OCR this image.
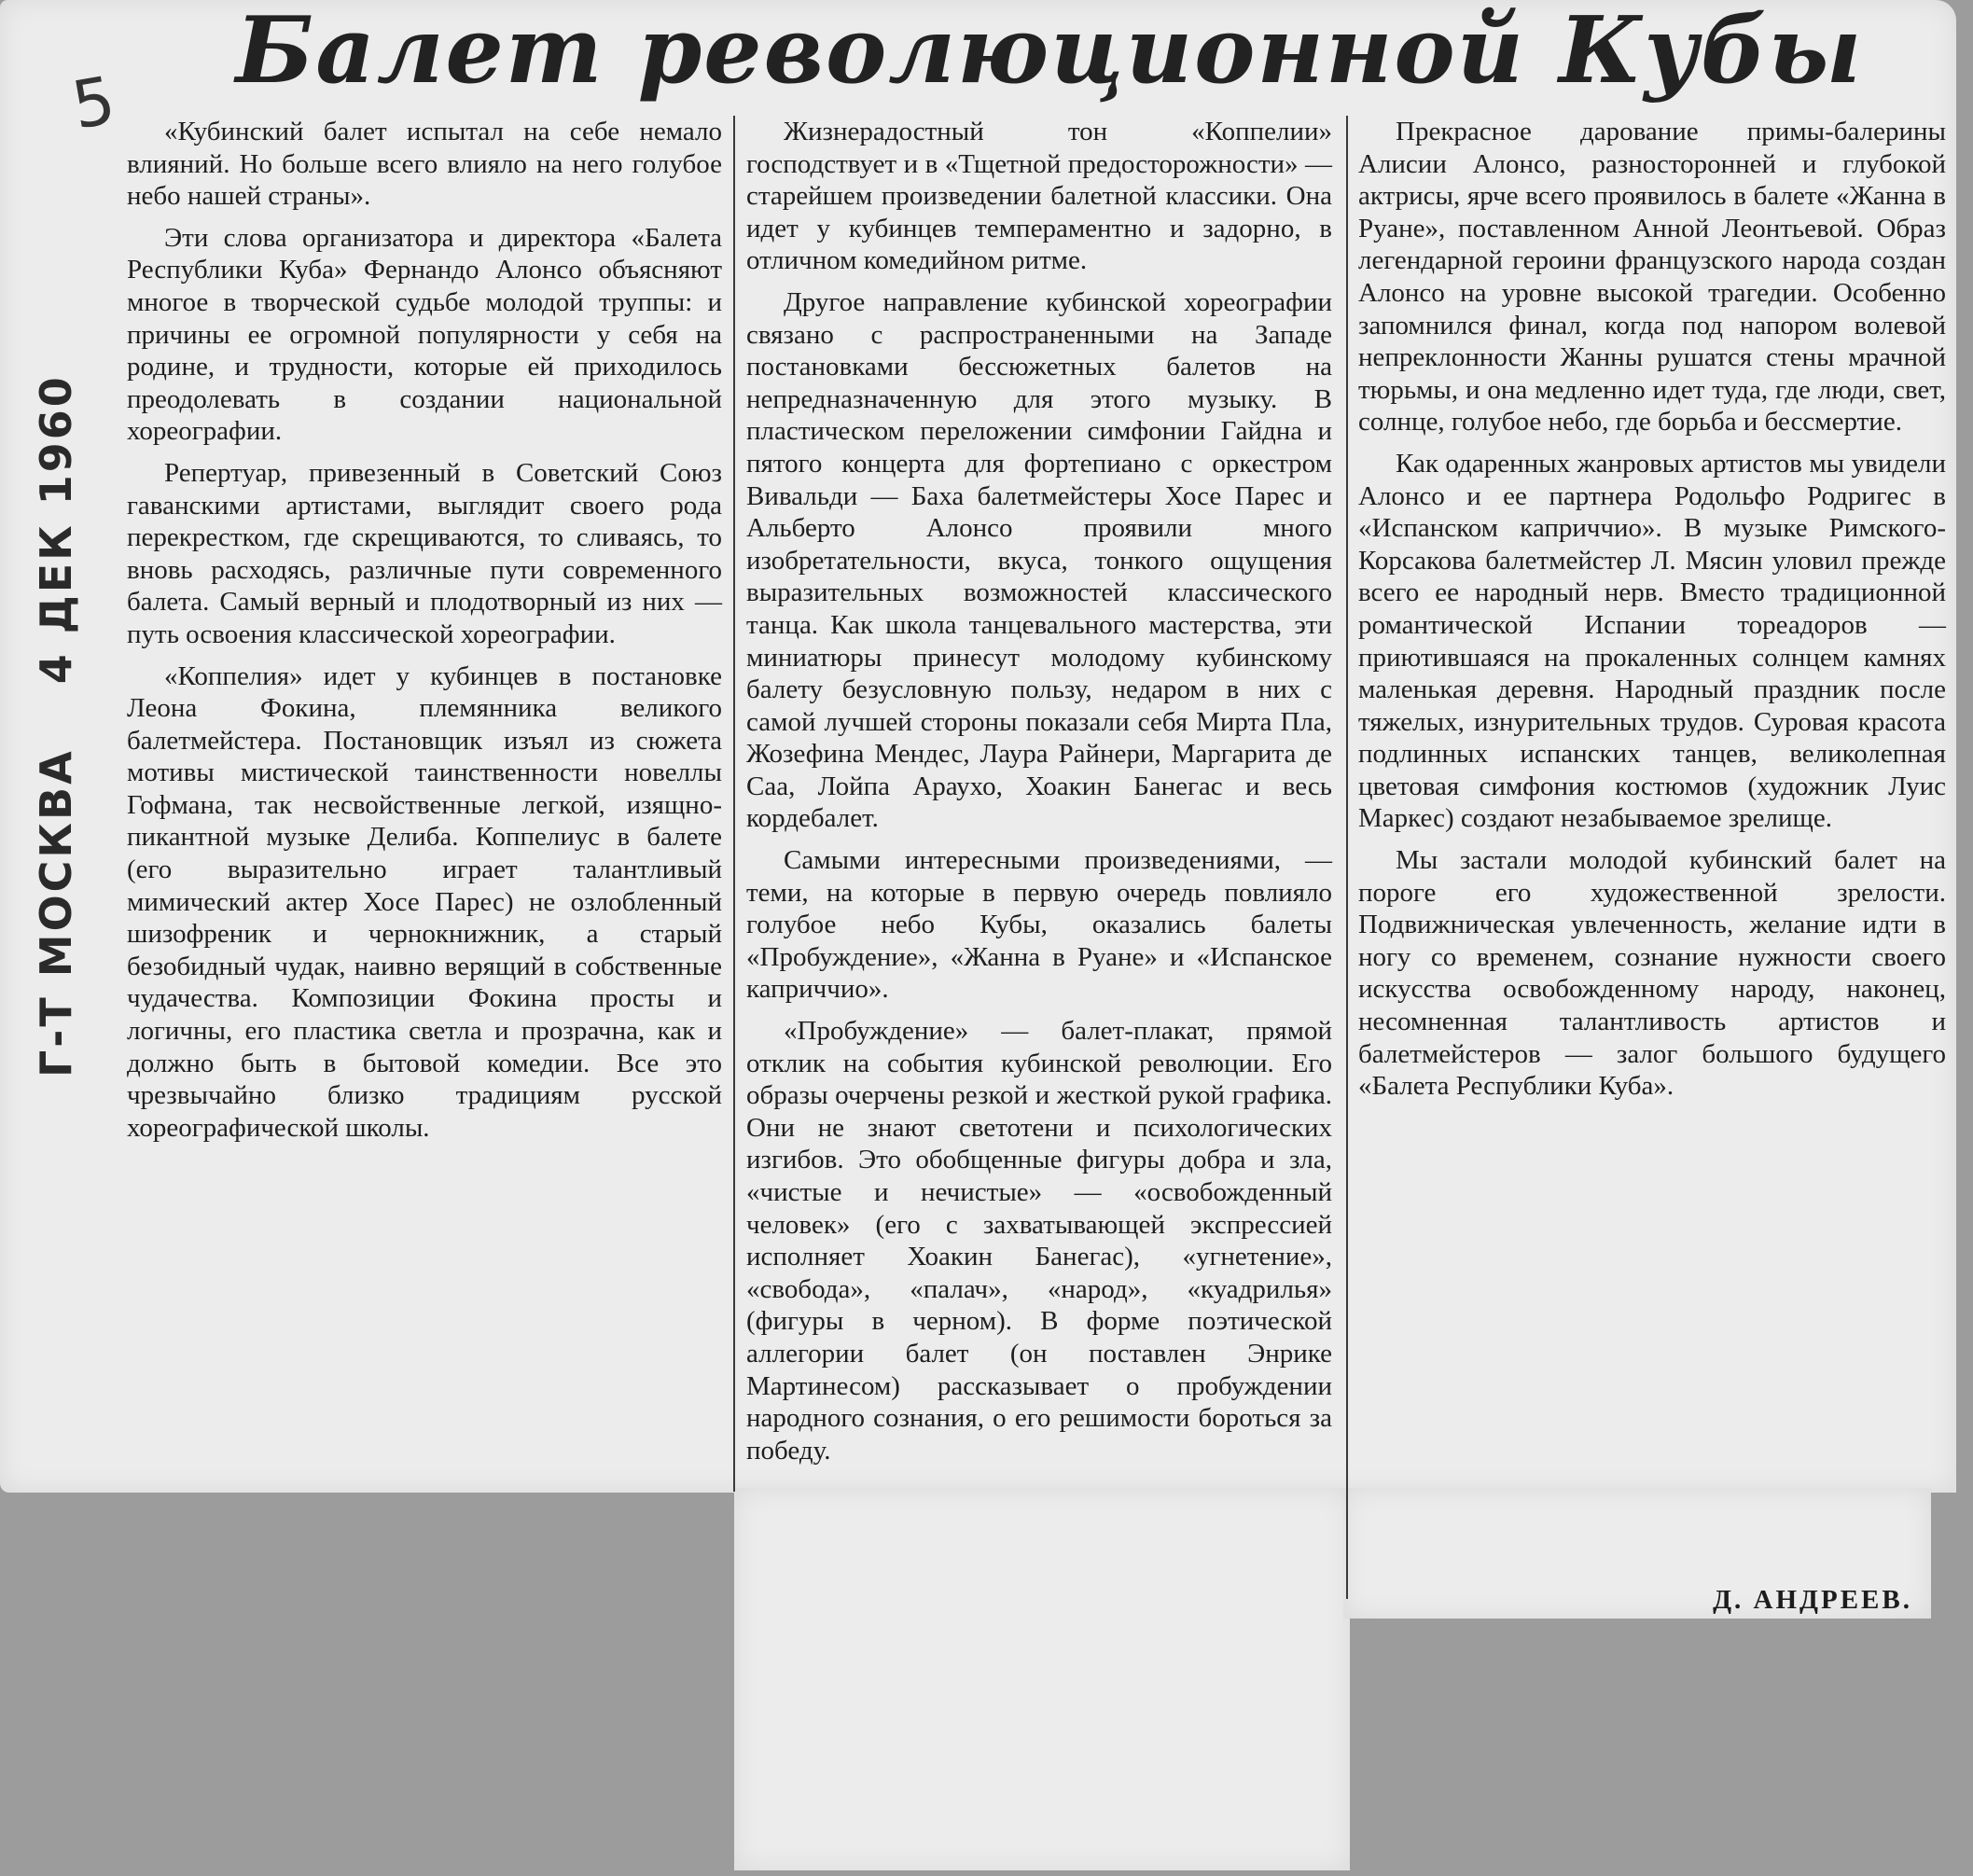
5 Балет революционной Кубы
Г-Т МОСКВА 4 ДЕК 1960

«Кубинский балет испытал на себе немало влияний. Но больше всего влияло на него голубое небо нашей страны».

Эти слова организатора и директора «Балета Республики Куба» Фернандо Алонсо объясняют многое в творческой судьбе молодой труппы: и причины ее огромной популярности у себя на родине, и трудности, которые ей приходилось преодолевать в создании национальной хореографии.

Репертуар, привезенный в Советский Союз гаванскими артистами, выглядит своего рода перекрестком, где скрещиваются, то сливаясь, то вновь расходясь, различные пути современного балета. Самый верный и плодотворный из них — путь освоения классической хореографии.

«Коппелия» идет у кубинцев в постановке Леона Фокина, племянника великого балетмейстера. Постановщик изъял из сюжета мотивы мистической таинственности новеллы Гофмана, так несвойственные легкой, изящно-пикантной музыке Делиба. Коппелиус в балете (его выразительно играет талантливый мимический актер Хосе Парес) не озлобленный шизофреник и чернокнижник, а старый безобидный чудак, наивно верящий в собственные чудачества. Композиции Фокина просты и логичны, его пластика светла и прозрачна, как и должно быть в бытовой комедии. Все это чрезвычайно близко традициям русской хореографической школы.

Жизнерадостный тон «Коппелии» господствует и в «Тщетной предосторожности» — старейшем произведении балетной классики. Она идет у кубинцев темпераментно и задорно, в отличном комедийном ритме.

Другое направление кубинской хореографии связано с распространенными на Западе постановками бессюжетных балетов на непредназначенную для этого музыку. В пластическом переложении симфонии Гайдна и пятого концерта для фортепиано с оркестром Вивальди — Баха балетмейстеры Хосе Парес и Альберто Алонсо проявили много изобретательности, вкуса, тонкого ощущения выразительных возможностей классического танца. Как школа танцевального мастерства, эти миниатюры принесут молодому кубинскому балету безусловную пользу, недаром в них с самой лучшей стороны показали себя Мирта Пла, Жозефина Мендес, Лаура Райнери, Маргарита де Саа, Лойпа Араухо, Хоакин Банегас и весь кордебалет.

Самыми интересными произведениями, — теми, на которые в первую очередь повлияло голубое небо Кубы, оказались балеты «Пробуждение», «Жанна в Руане» и «Испанское каприччио».

«Пробуждение» — балет-плакат, прямой отклик на события кубинской революции. Его образы очерчены резкой и жесткой рукой графика. Они не знают светотени и психологических изгибов. Это обобщенные фигуры добра и зла, «чистые и нечистые» — «освобожденный человек» (его с захватывающей экспрессией исполняет Хоакин Банегас), «угнетение», «свобода», «палач», «народ», «куадрилья» (фигуры в черном). В форме поэтической аллегории балет (он поставлен Энрике Мартинесом) рассказывает о пробуждении народного сознания, о его решимости бороться за победу.

Прекрасное дарование примы-балерины Алисии Алонсо, разносторонней и глубокой актрисы, ярче всего проявилось в балете «Жанна в Руане», поставленном Анной Леонтьевой. Образ легендарной героини французского народа создан Алонсо на уровне высокой трагедии. Особенно запомнился финал, когда под напором волевой непреклонности Жанны рушатся стены мрачной тюрьмы, и она медленно идет туда, где люди, свет, солнце, голубое небо, где борьба и бессмертие.

Как одаренных жанровых артистов мы увидели Алонсо и ее партнера Родольфо Родригес в «Испанском каприччио». В музыке Римского-Корсакова балетмейстер Л. Мясин уловил прежде всего ее народный нерв. Вместо традиционной романтической Испании тореадоров — приютившаяся на прокаленных солнцем камнях маленькая деревня. Народный праздник после тяжелых, изнурительных трудов. Суровая красота подлинных испанских танцев, великолепная цветовая симфония костюмов (художник Луис Маркес) создают незабываемое зрелище.

Мы застали молодой кубинский балет на пороге его художественной зрелости. Подвижническая увлеченность, желание идти в ногу со временем, сознание нужности своего искусства освобожденному народу, наконец, несомненная талантливость артистов и балетмейстеров — залог большого будущего «Балета Республики Куба».

Д. АНДРЕЕВ.
